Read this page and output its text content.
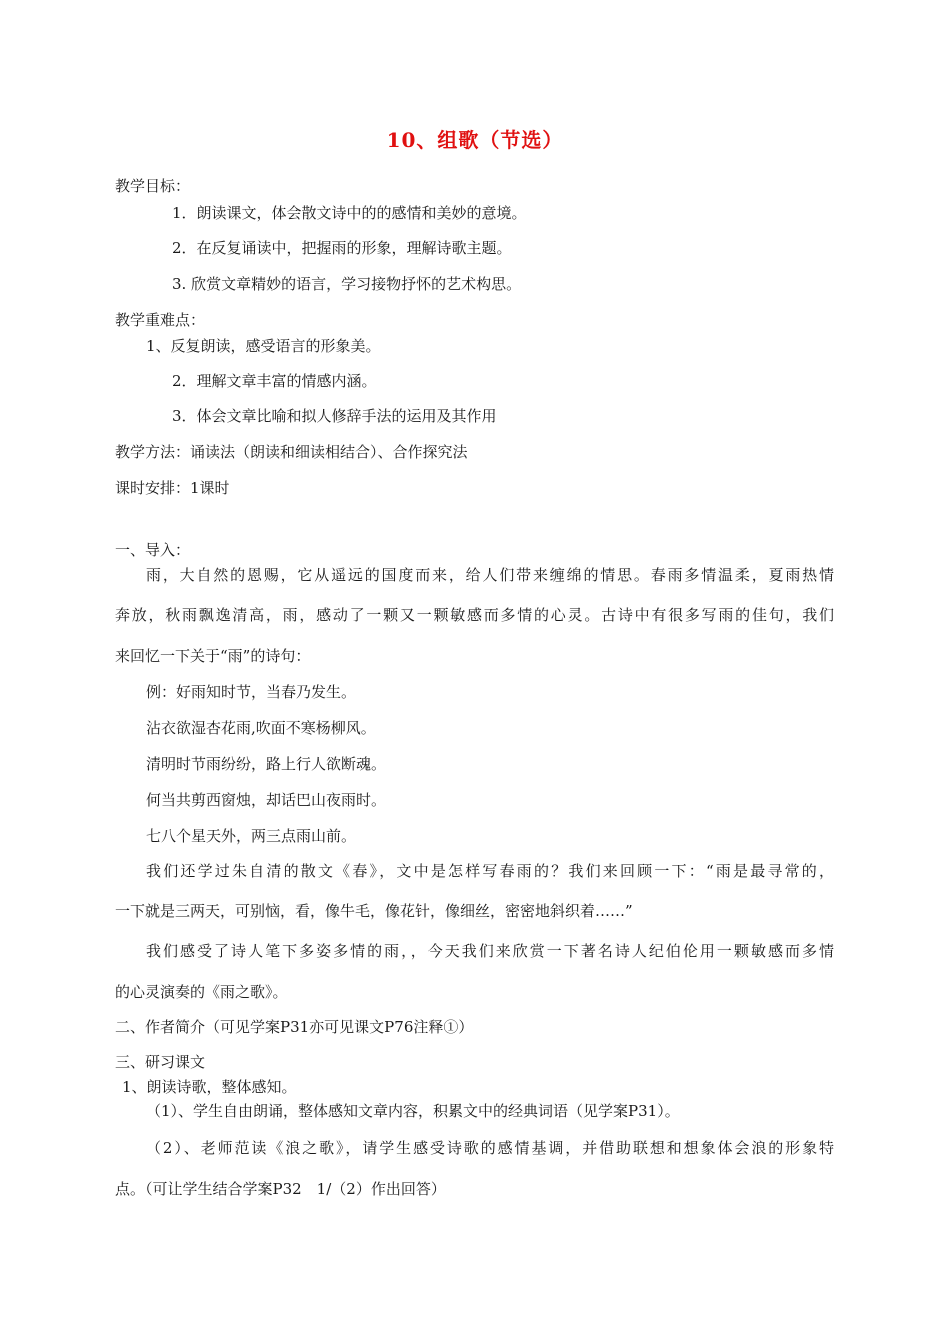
10、组歌（节选）
教学目标：
1．朗读课文，体会散文诗中的的感情和美妙的意境。
2．在反复诵读中，把握雨的形象，理解诗歌主题。
3. 欣赏文章精妙的语言，学习接物抒怀的艺术构思。
教学重难点：
1、反复朗读，感受语言的形象美。
2．理解文章丰富的情感内涵。
3．体会文章比喻和拟人修辞手法的运用及其作用
教学方法：诵读法（朗读和细读相结合）、合作探究法
课时安排：1课时
一、导入：
雨，大自然的恩赐，它从遥远的国度而来，给人们带来缠绵的情思。春雨多情温柔，夏雨热情
奔放，秋雨飘逸清高，雨，感动了一颗又一颗敏感而多情的心灵。古诗中有很多写雨的佳句，我们
来回忆一下关于“雨”的诗句：
例：好雨知时节，当春乃发生。
沾衣欲湿杏花雨,吹面不寒杨柳风。
清明时节雨纷纷，路上行人欲断魂。
何当共剪西窗烛，却话巴山夜雨时。
七八个星天外，两三点雨山前。
我们还学过朱自清的散文《春》，文中是怎样写春雨的？我们来回顾一下：“雨是最寻常的，
一下就是三两天，可别恼，看，像牛毛，像花针，像细丝，密密地斜织着……”
我们感受了诗人笔下多姿多情的雨，，今天我们来欣赏一下著名诗人纪伯伦用一颗敏感而多情
的心灵演奏的《雨之歌》。
二、作者简介（可见学案P31亦可见课文P76注释①）
三、研习课文
1、朗读诗歌，整体感知。
（1）、学生自由朗诵，整体感知文章内容，积累文中的经典词语（见学案P31）。
（2）、老师范读《浪之歌》，请学生感受诗歌的感情基调，并借助联想和想象体会浪的形象特
点。（可让学生结合学案P32　1/（2）作出回答）
